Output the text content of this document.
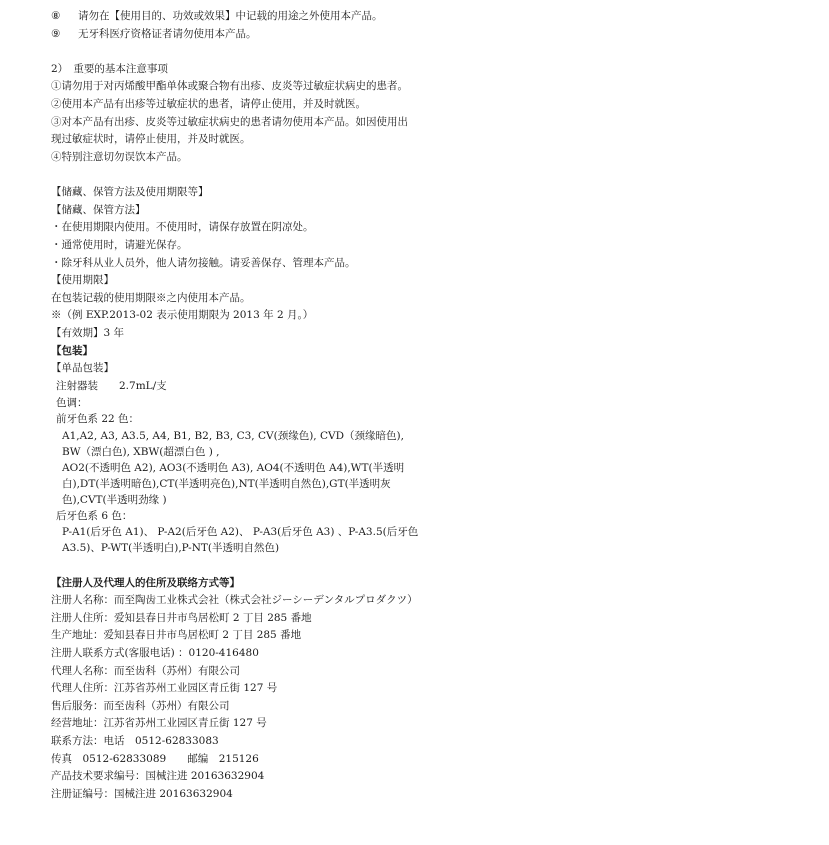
⑧ 请勿在【使用目的、功效或效果】中记载的用途之外使用本产品。
⑨ 无牙科医疗资格证者请勿使用本产品。
2）　重要的基本注意事项
①请勿用于对丙烯酸甲酯单体或聚合物有出疹、皮炎等过敏症状病史的患者。
②使用本产品有出疹等过敏症状的患者，请停止使用，并及时就医。
③对本产品有出疹、皮炎等过敏症状病史的患者请勿使用本产品。如因使用出
现过敏症状时，请停止使用，并及时就医。
④特别注意切勿误饮本产品。
【储藏、保管方法及使用期限等】
【储藏、保管方法】
・在使用期限内使用。不使用时，请保存放置在阴凉处。
・通常使用时，请避光保存。
・除牙科从业人员外，他人请勿接触。请妥善保存、管理本产品。
【使用期限】
在包装记载的使用期限※之内使用本产品。
※（例 EXP.2013-02 表示使用期限为 2013 年 2 月。）
【有效期】3 年
【包装】
【单品包装】
注射器装　　2.7mL/支
色调：
前牙色系 22 色：
A1,A2, A3, A3.5, A4, B1, B2, B3, C3, CV(颈缘色), CVD（颈缘暗色),
BW（漂白色), XBW(超漂白色 ) ,
AO2(不透明色 A2), AO3(不透明色 A3), AO4(不透明色 A4),WT(半透明
白),DT(半透明暗色),CT(半透明亮色),NT(半透明自然色),GT(半透明灰
色),CVT(半透明劲缘 )
后牙色系 6 色：
P-A1(后牙色 A1)、 P-A2(后牙色 A2)、 P-A3(后牙色 A3) 、P-A3.5(后牙色
A3.5)、P-WT(半透明白),P-NT(半透明自然色)
【注册人及代理人的住所及联络方式等】
注册人名称：而至陶齿工业株式会社（株式会社ジーシーデンタルプロダクツ）
注册人住所：爱知县春日井市鸟居松町 2 丁目 285 番地
生产地址：爱知县春日井市鸟居松町 2 丁目 285 番地
注册人联系方式(客服电话) ：0120-416480
代理人名称：而至齿科（苏州）有限公司
代理人住所：江苏省苏州工业园区青丘街 127 号
售后服务：而至齿科（苏州）有限公司
经营地址：江苏省苏州工业园区青丘街 127 号
联系方法：电话　0512-62833083
传真　0512-62833089　　邮编　215126
产品技术要求编号：国械注进 20163632904
注册证编号：国械注进 20163632904
